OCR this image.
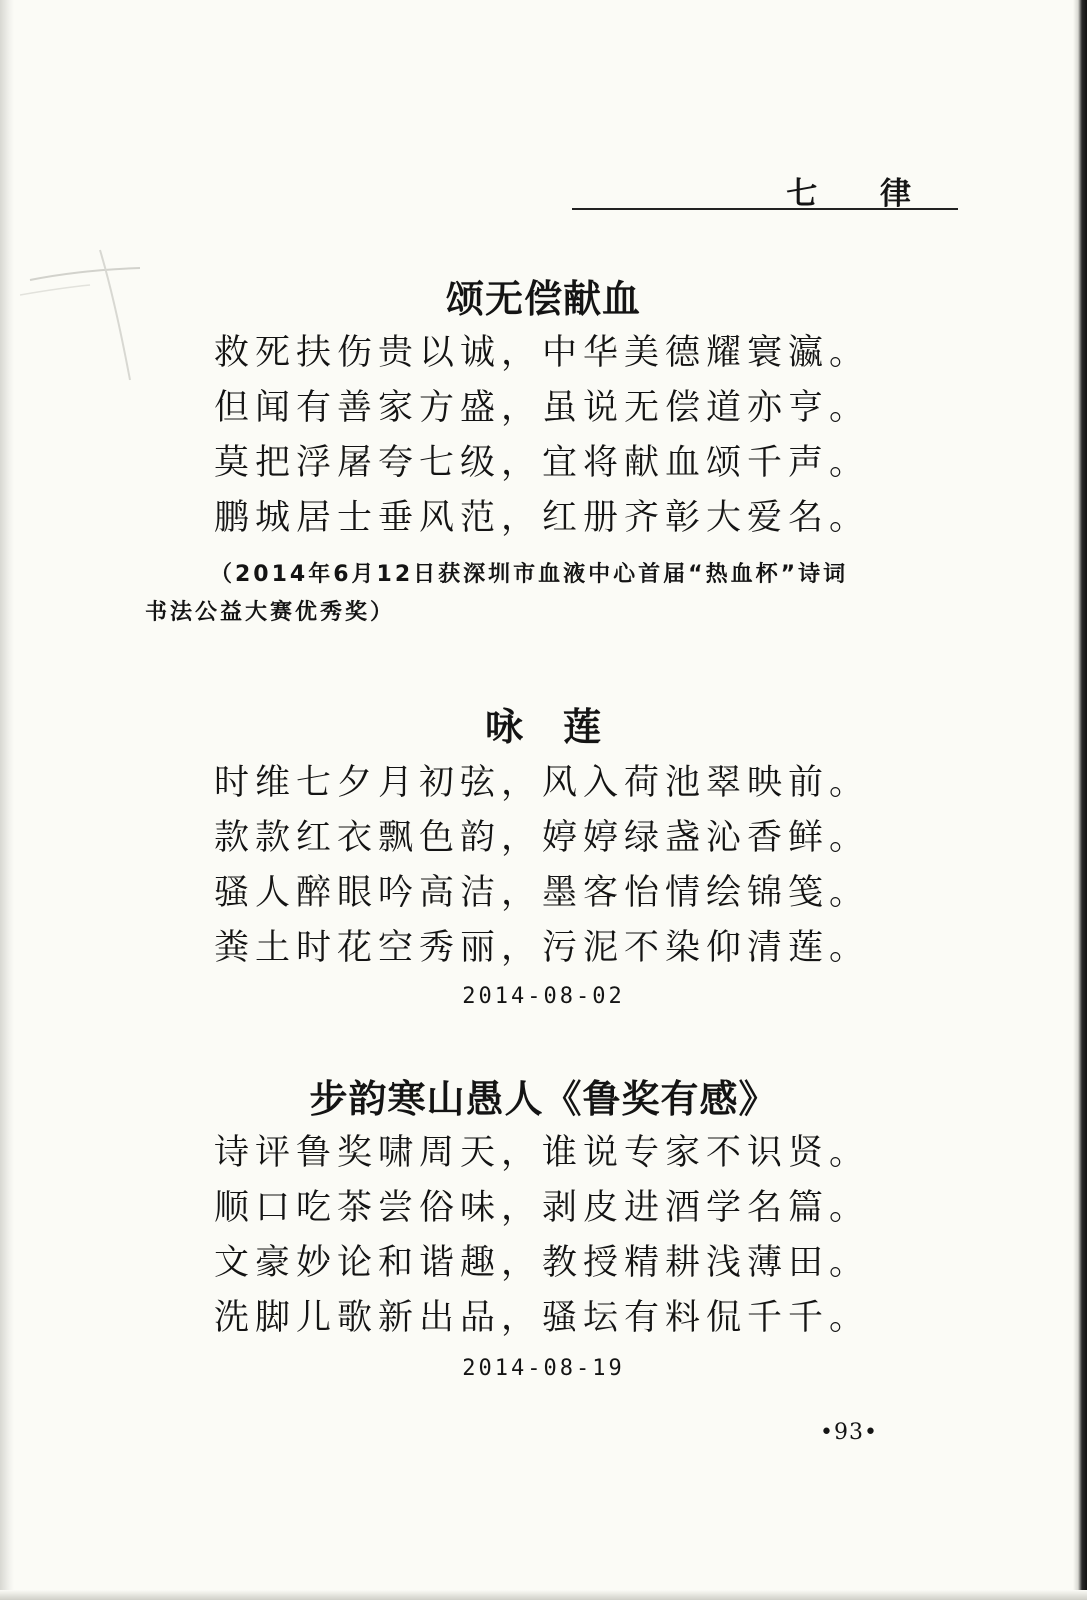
七 律
颂无偿献血
救死扶伤贵以诚，中华美德耀寰瀛。
但闻有善家方盛，虽说无偿道亦亨。
莫把浮屠夸七级，宜将献血颂千声。
鹏城居士垂风范，红册齐彰大爱名。
（2014年6月12日获深圳市血液中心首届“热血杯”诗词
书法公益大赛优秀奖）
咏　莲
时维七夕月初弦，风入荷池翠映前。
款款红衣飘色韵，婷婷绿盏沁香鲜。
骚人醉眼吟高洁，墨客怡情绘锦笺。
粪土时花空秀丽，污泥不染仰清莲。
2014-08-02
步韵寒山愚人《鲁奖有感》
诗评鲁奖啸周天，谁说专家不识贤。
顺口吃茶尝俗味，剥皮进酒学名篇。
文豪妙论和谐趣，教授精耕浅薄田。
洗脚儿歌新出品，骚坛有料侃千千。
2014-08-19
•93•
